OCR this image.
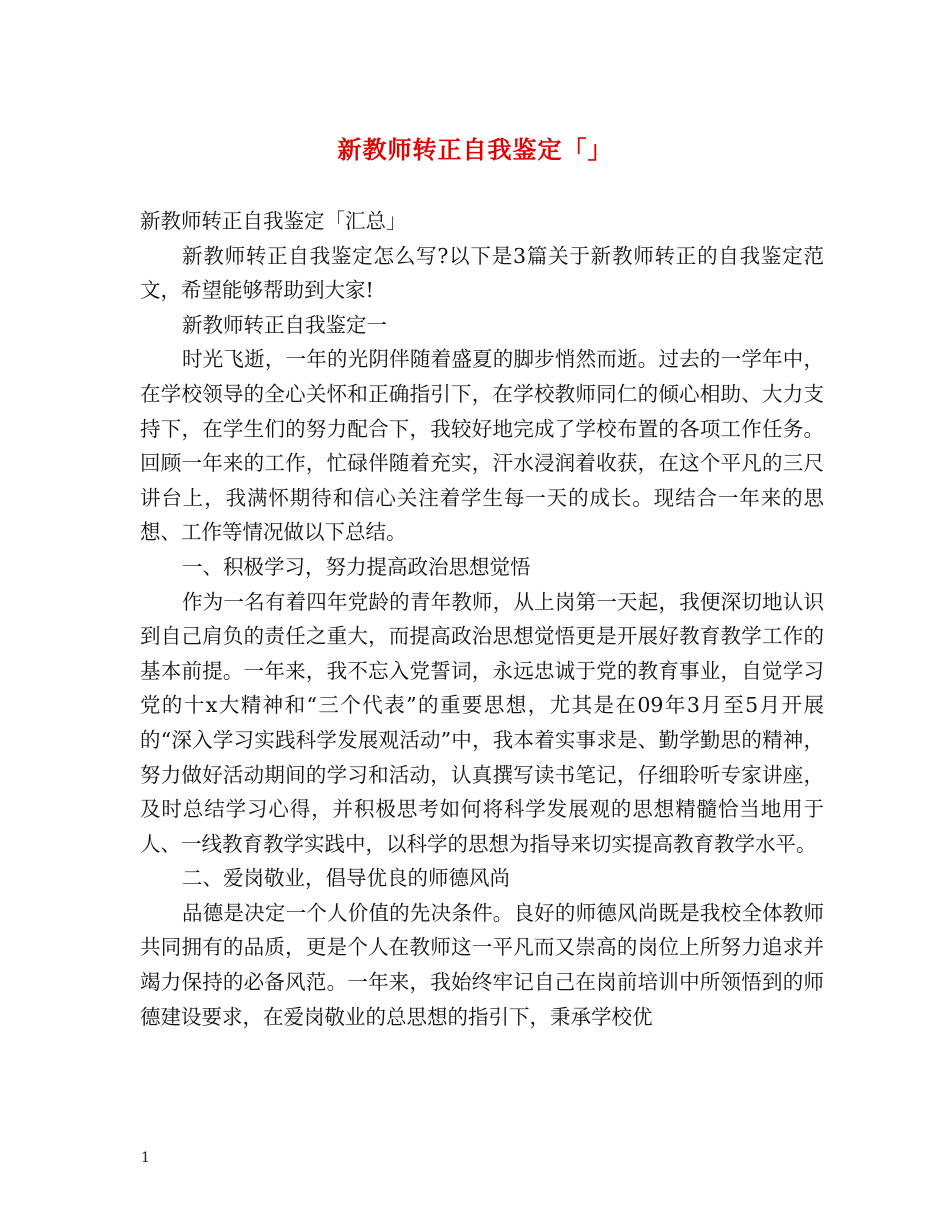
新教师转正自我鉴定「」

新教师转正自我鉴定「汇总」

新教师转正自我鉴定怎么写?以下是3篇关于新教师转正的自我鉴定范文，希望能够帮助到大家!

新教师转正自我鉴定一

时光飞逝，一年的光阴伴随着盛夏的脚步悄然而逝。过去的一学年中，在学校领导的全心关怀和正确指引下，在学校教师同仁的倾心相助、大力支持下，在学生们的努力配合下，我较好地完成了学校布置的各项工作任务。回顾一年来的工作，忙碌伴随着充实，汗水浸润着收获，在这个平凡的三尺讲台上，我满怀期待和信心关注着学生每一天的成长。现结合一年来的思想、工作等情况做以下总结。

一、积极学习，努力提高政治思想觉悟

作为一名有着四年党龄的青年教师，从上岗第一天起，我便深切地认识到自己肩负的责任之重大，而提高政治思想觉悟更是开展好教育教学工作的基本前提。一年来，我不忘入党誓词，永远忠诚于党的教育事业，自觉学习党的十x大精神和“三个代表”的重要思想，尤其是在09年3月至5月开展的“深入学习实践科学发展观活动”中，我本着实事求是、勤学勤思的精神，努力做好活动期间的学习和活动，认真撰写读书笔记，仔细聆听专家讲座，及时总结学习心得，并积极思考如何将科学发展观的思想精髓恰当地用于人、一线教育教学实践中，以科学的思想为指导来切实提高教育教学水平。

二、爱岗敬业，倡导优良的师德风尚

品德是决定一个人价值的先决条件。良好的师德风尚既是我校全体教师共同拥有的品质，更是个人在教师这一平凡而又崇高的岗位上所努力追求并竭力保持的必备风范。一年来，我始终牢记自己在岗前培训中所领悟到的师德建设要求，在爱岗敬业的总思想的指引下，秉承学校优

1
